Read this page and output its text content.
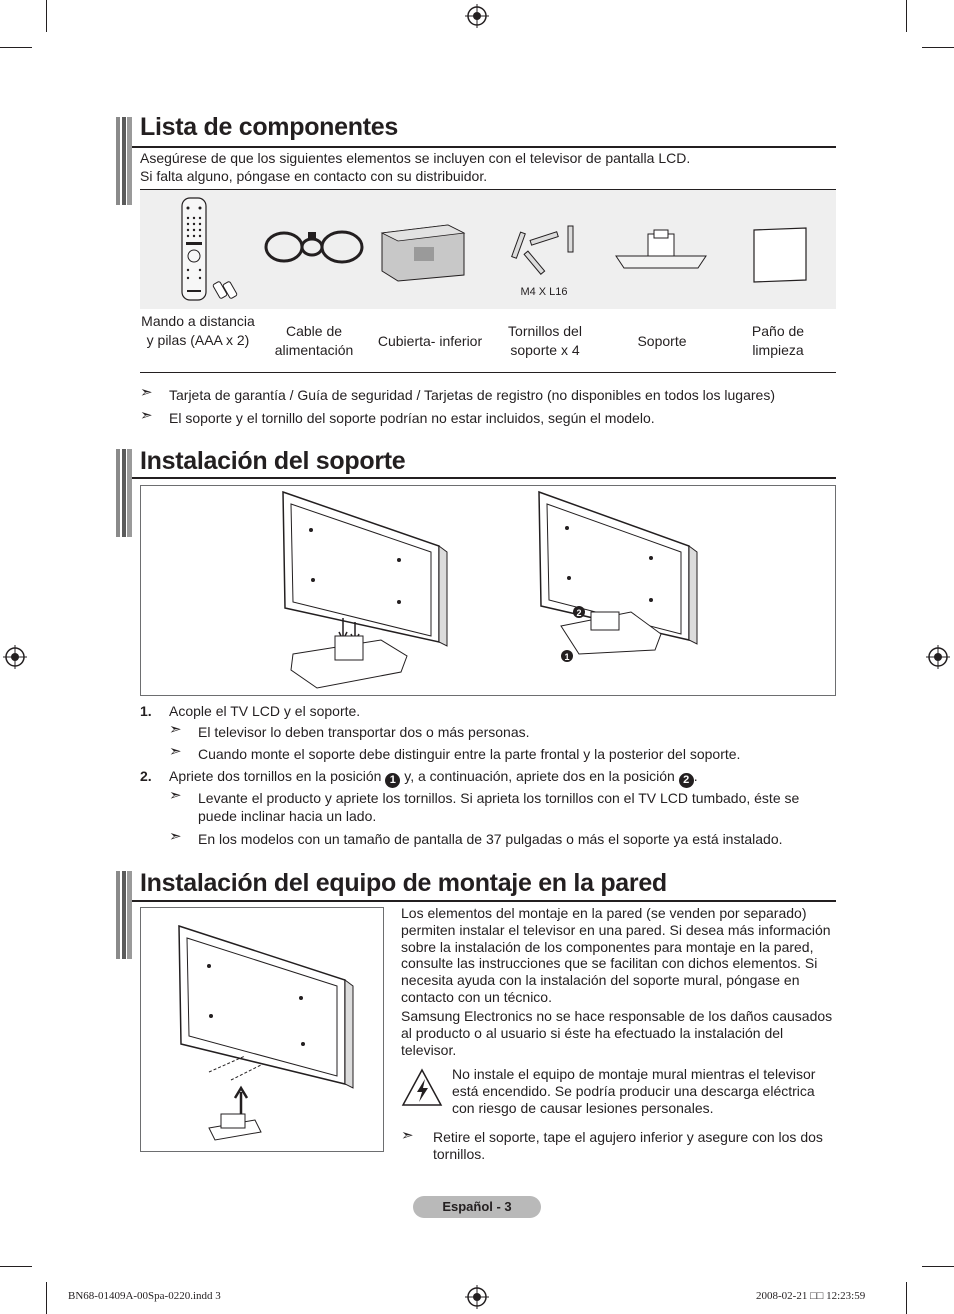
Lista de componentes
Asegúrese de que los siguientes elementos se incluyen con el televisor de pantalla LCD.
Si falta alguno, póngase en contacto con su distribuidor.
M4 X L16
Mando a distancia y pilas (AAA x 2)
Cable de alimentación
Cubierta- inferior
Tornillos del soporte x 4
Soporte
Paño de limpieza
➣ Tarjeta de garantía / Guía de seguridad / Tarjetas de registro (no disponibles en todos los lugares)
➣ El soporte y el tornillo del soporte podrían no estar incluidos, según el modelo.
Instalación del soporte
2
1
1. Acople el TV LCD y el soporte.
➣ El televisor lo deben transportar dos o más personas.
➣ Cuando monte el soporte debe distinguir entre la parte frontal y la posterior del soporte.
2. Apriete dos tornillos en la posición 1 y, a continuación, apriete dos en la posición 2 .
➣ Levante el producto y apriete los tornillos. Si aprieta los tornillos con el TV LCD tumbado, éste se puede inclinar hacia un lado.
➣ En los modelos con un tamaño de pantalla de 37 pulgadas o más el soporte ya está instalado.
Instalación del equipo de montaje en la pared
Los elementos del montaje en la pared (se venden por separado) permiten instalar el televisor en una pared. Si desea más información sobre la instalación de los componentes para montaje en la pared, consulte las instrucciones que se facilitan con dichos elementos. Si necesita ayuda con la instalación del soporte mural, póngase en contacto con un técnico.
Samsung Electronics no se hace responsable de los daños causados al producto o al usuario si éste ha efectuado la instalación del televisor.
No instale el equipo de montaje mural mientras el televisor está encendido. Se podría producir una descarga eléctrica con riesgo de causar lesiones personales.
➣ Retire el soporte, tape el agujero inferior y asegure con los dos tornillos.
Español - 3
BN68-01409A-00Spa-0220.indd 3	2008-02-21 □□ 12:23:59
